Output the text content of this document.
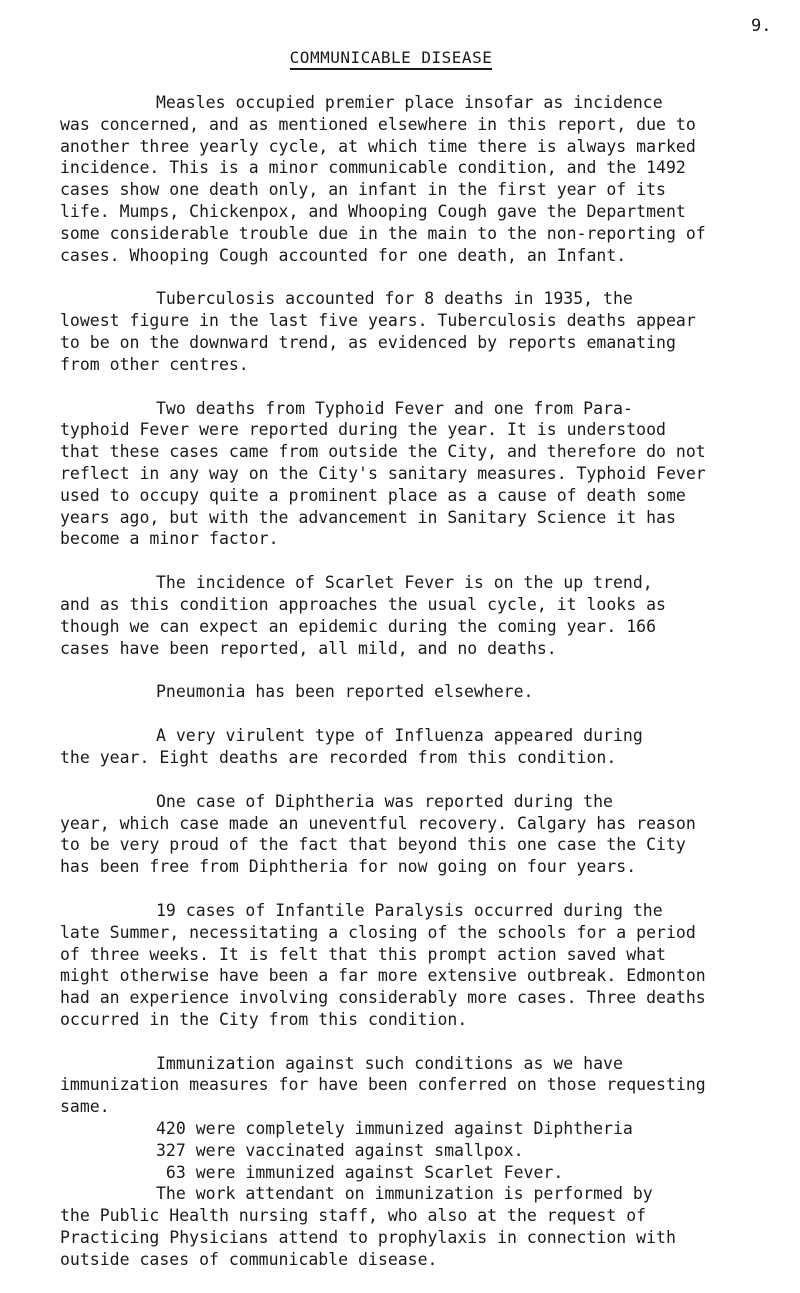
9.
COMMUNICABLE DISEASE
Measles occupied premier place insofar as incidence
was concerned, and as mentioned elsewhere in this report, due to
another three yearly cycle, at which time there is always marked
incidence. This is a minor communicable condition, and the 1492
cases show one death only, an infant in the first year of its
life. Mumps, Chickenpox, and Whooping Cough gave the Department
some considerable trouble due in the main to the non-reporting of
cases. Whooping Cough accounted for one death, an Infant.
Tuberculosis accounted for 8 deaths in 1935, the
lowest figure in the last five years. Tuberculosis deaths appear
to be on the downward trend, as evidenced by reports emanating
from other centres.
Two deaths from Typhoid Fever and one from Para-
typhoid Fever were reported during the year. It is understood
that these cases came from outside the City, and therefore do not
reflect in any way on the City's sanitary measures. Typhoid Fever
used to occupy quite a prominent place as a cause of death some
years ago, but with the advancement in Sanitary Science it has
become a minor factor.
The incidence of Scarlet Fever is on the up trend,
and as this condition approaches the usual cycle, it looks as
though we can expect an epidemic during the coming year. 166
cases have been reported, all mild, and no deaths.
Pneumonia has been reported elsewhere.
A very virulent type of Influenza appeared during
the year. Eight deaths are recorded from this condition.
One case of Diphtheria was reported during the
year, which case made an uneventful recovery. Calgary has reason
to be very proud of the fact that beyond this one case the City
has been free from Diphtheria for now going on four years.
19 cases of Infantile Paralysis occurred during the
late Summer, necessitating a closing of the schools for a period
of three weeks. It is felt that this prompt action saved what
might otherwise have been a far more extensive outbreak. Edmonton
had an experience involving considerably more cases. Three deaths
occurred in the City from this condition.
Immunization against such conditions as we have
immunization measures for have been conferred on those requesting
same.
420 were completely immunized against Diphtheria
327 were vaccinated against smallpox.
63 were immunized against Scarlet Fever.
The work attendant on immunization is performed by
the Public Health nursing staff, who also at the request of
Practicing Physicians attend to prophylaxis in connection with
outside cases of communicable disease.
